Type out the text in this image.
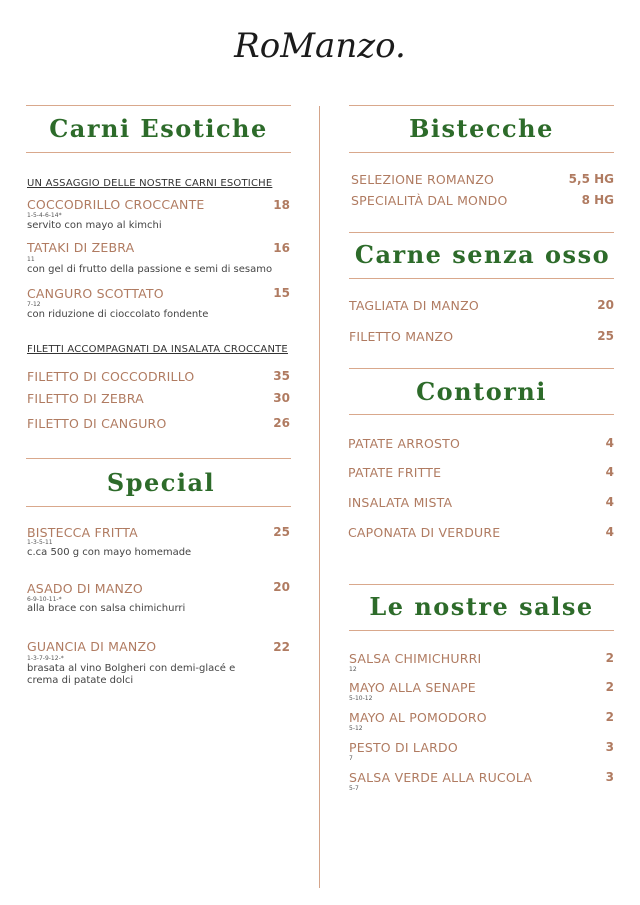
RoManzo.
Carni Esotiche
UN ASSAGGIO DELLE NOSTRE CARNI ESOTICHE
COCCODRILLO CROCCANTE	18
1-5-4-6-14*
servito con mayo al kimchi
TATAKI DI ZEBRA	16
11
con gel di frutto della passione e semi di sesamo
CANGURO SCOTTATO	15
7-12
con riduzione di cioccolato fondente
FILETTI ACCOMPAGNATI DA INSALATA CROCCANTE
FILETTO DI COCCODRILLO	35
FILETTO DI ZEBRA	30
FILETTO DI CANGURO	26
Special
BISTECCA FRITTA	25
1-3-5-11
c.ca 500 g con mayo homemade
ASADO DI MANZO	20
6-9-10-11-*
alla brace con salsa chimichurri
GUANCIA DI MANZO	22
1-3-7-9-12-*
brasata al vino Bolgheri con demi-glacé e crema di patate dolci
Bistecche
SELEZIONE ROMANZO	5,5 HG
SPECIALITÀ DAL MONDO	8 HG
Carne senza osso
TAGLIATA DI MANZO	20
FILETTO MANZO	25
Contorni
PATATE ARROSTO	4
PATATE FRITTE	4
INSALATA MISTA	4
CAPONATA DI VERDURE	4
Le nostre salse
SALSA CHIMICHURRI	2
12
MAYO ALLA SENAPE	2
5-10-12
MAYO AL POMODORO	2
5-12
PESTO DI LARDO	3
7
SALSA VERDE ALLA RUCOLA	3
5-7
